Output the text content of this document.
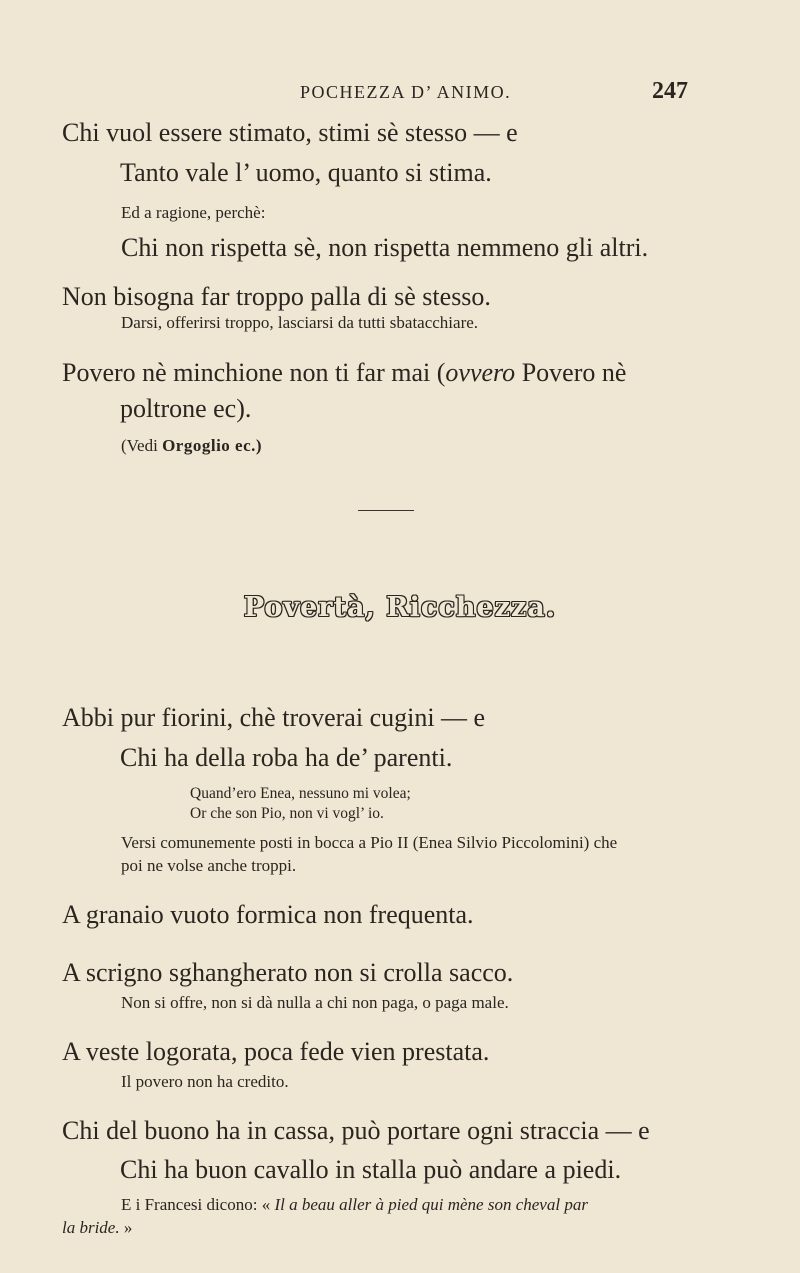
POCHEZZA D’ ANIMO.	247
Chi vuol essere stimato, stimi sè stesso — e
Tanto vale l’ uomo, quanto si stima.
Ed a ragione, perchè:
Chi non rispetta sè, non rispetta nemmeno gli altri.
Non bisogna far troppo palla di sè stesso.
Darsi, offerirsi troppo, lasciarsi da tutti sbatacchiare.
Povero nè minchione non ti far mai (ovvero Povero nè
poltrone ec).
(Vedi Orgoglio ec.)
Povertà, Ricchezza.
Abbi pur fiorini, chè troverai cugini — e
Chi ha della roba ha de’ parenti.
Quand’ero Enea, nessuno mi volea;
Or che son Pio, non vi vogl’ io.
Versi comunemente posti in bocca a Pio II (Enea Silvio Piccolomini) che
poi ne volse anche troppi.
A granaio vuoto formica non frequenta.
A scrigno sghangherato non si crolla sacco.
Non si offre, non si dà nulla a chi non paga, o paga male.
A veste logorata, poca fede vien prestata.
Il povero non ha credito.
Chi del buono ha in cassa, può portare ogni straccia — e
Chi ha buon cavallo in stalla può andare a piedi.
E i Francesi dicono: « Il a beau aller à pied qui mène son cheval par
la bride. »
